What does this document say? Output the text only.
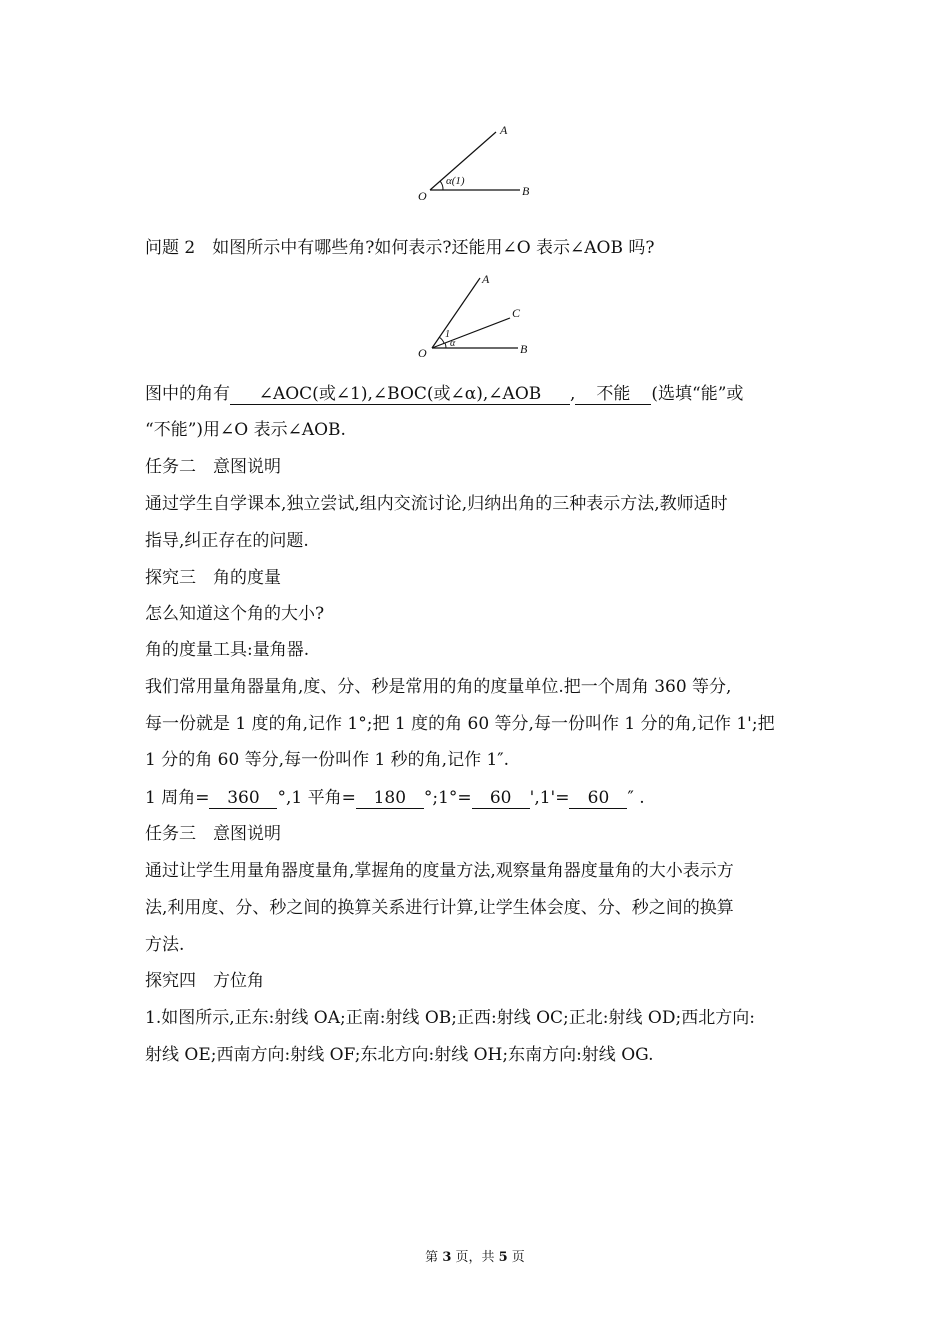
A
B
O
α(1)
问题 2　如图所示中有哪些角?如何表示?还能用∠O 表示∠AOB 吗?
A
C
B
O
1
α
图中的角有 ∠AOC(或∠1),∠BOC(或∠α),∠AOB , 不能 (选填“能”或
“不能”)用∠O 表示∠AOB.
任务二　意图说明
通过学生自学课本,独立尝试,组内交流讨论,归纳出角的三种表示方法,教师适时
指导,纠正存在的问题.
探究三　角的度量
怎么知道这个角的大小?
角的度量工具:量角器.
我们常用量角器量角,度、分、秒是常用的角的度量单位.把一个周角 360 等分,
每一份就是 1 度的角,记作 1°;把 1 度的角 60 等分,每一份叫作 1 分的角,记作 1';把
1 分的角 60 等分,每一份叫作 1 秒的角,记作 1″.
1 周角= 360 °,1 平角= 180 °;1°= 60 ',1'= 60 ″ .
任务三　意图说明
通过让学生用量角器度量角,掌握角的度量方法,观察量角器度量角的大小表示方
法,利用度、分、秒之间的换算关系进行计算,让学生体会度、分、秒之间的换算
方法.
探究四　方位角
1.如图所示,正东:射线 OA;正南:射线 OB;正西:射线 OC;正北:射线 OD;西北方向:
射线 OE;西南方向:射线 OF;东北方向:射线 OH;东南方向:射线 OG.
第 3 页，共 5 页
